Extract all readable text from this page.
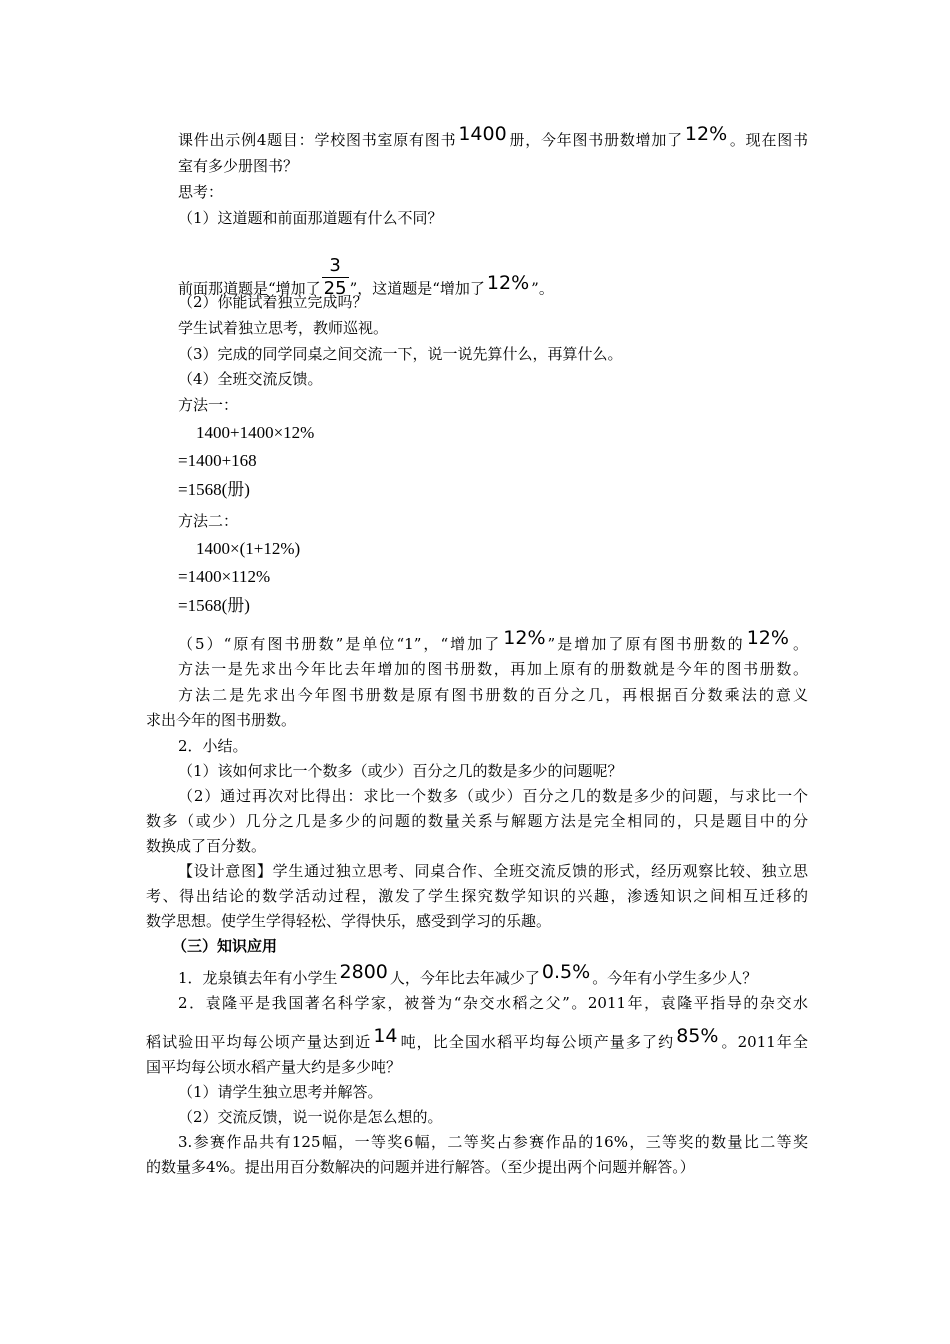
课件出示例4题目：学校图书室原有图书 1400 册，今年图书册数增加了 12% 。现在图书
室有多少册图书？
思考：
（1）这道题和前面那道题有什么不同？
前面那道题是“增加了 $\frac{3}{25}$ ”，这道题是“增加了 12% ”。
（2）你能试着独立完成吗？
学生试着独立思考，教师巡视。
（3）完成的同学同桌之间交流一下，说一说先算什么，再算什么。
（4）全班交流反馈。
方法一：
1400+1400×12%
=1400+168
=1568(册)
方法二：
1400×(1+12%)
=1400×112%
=1568(册)
（5）“原有图书册数”是单位“1”，“增加了 12% ”是增加了原有图书册数的 12% 。
方法一是先求出今年比去年增加的图书册数，再加上原有的册数就是今年的图书册数。
方法二是先求出今年图书册数是原有图书册数的百分之几，再根据百分数乘法的意义
求出今年的图书册数。
2．小结。
（1）该如何求比一个数多（或少）百分之几的数是多少的问题呢？
（2）通过再次对比得出：求比一个数多（或少）百分之几的数是多少的问题，与求比一个
数多（或少）几分之几是多少的问题的数量关系与解题方法是完全相同的，只是题目中的分
数换成了百分数。
【设计意图】学生通过独立思考、同桌合作、全班交流反馈的形式，经历观察比较、独立思
考、得出结论的数学活动过程，激发了学生探究数学知识的兴趣，渗透知识之间相互迁移的
数学思想。使学生学得轻松、学得快乐，感受到学习的乐趣。
（三）知识应用
1．龙泉镇去年有小学生 2800 人，今年比去年减少了 0.5% 。今年有小学生多少人？
2．袁隆平是我国著名科学家，被誉为“杂交水稻之父”。2011年，袁隆平指导的杂交水
稻试验田平均每公顷产量达到近 14 吨，比全国水稻平均每公顷产量多了约 85% 。2011年全
国平均每公顷水稻产量大约是多少吨？
（1）请学生独立思考并解答。
（2）交流反馈，说一说你是怎么想的。
3.参赛作品共有125幅，一等奖6幅，二等奖占参赛作品的16%，三等奖的数量比二等奖
的数量多4%。提出用百分数解决的问题并进行解答。（至少提出两个问题并解答。）
